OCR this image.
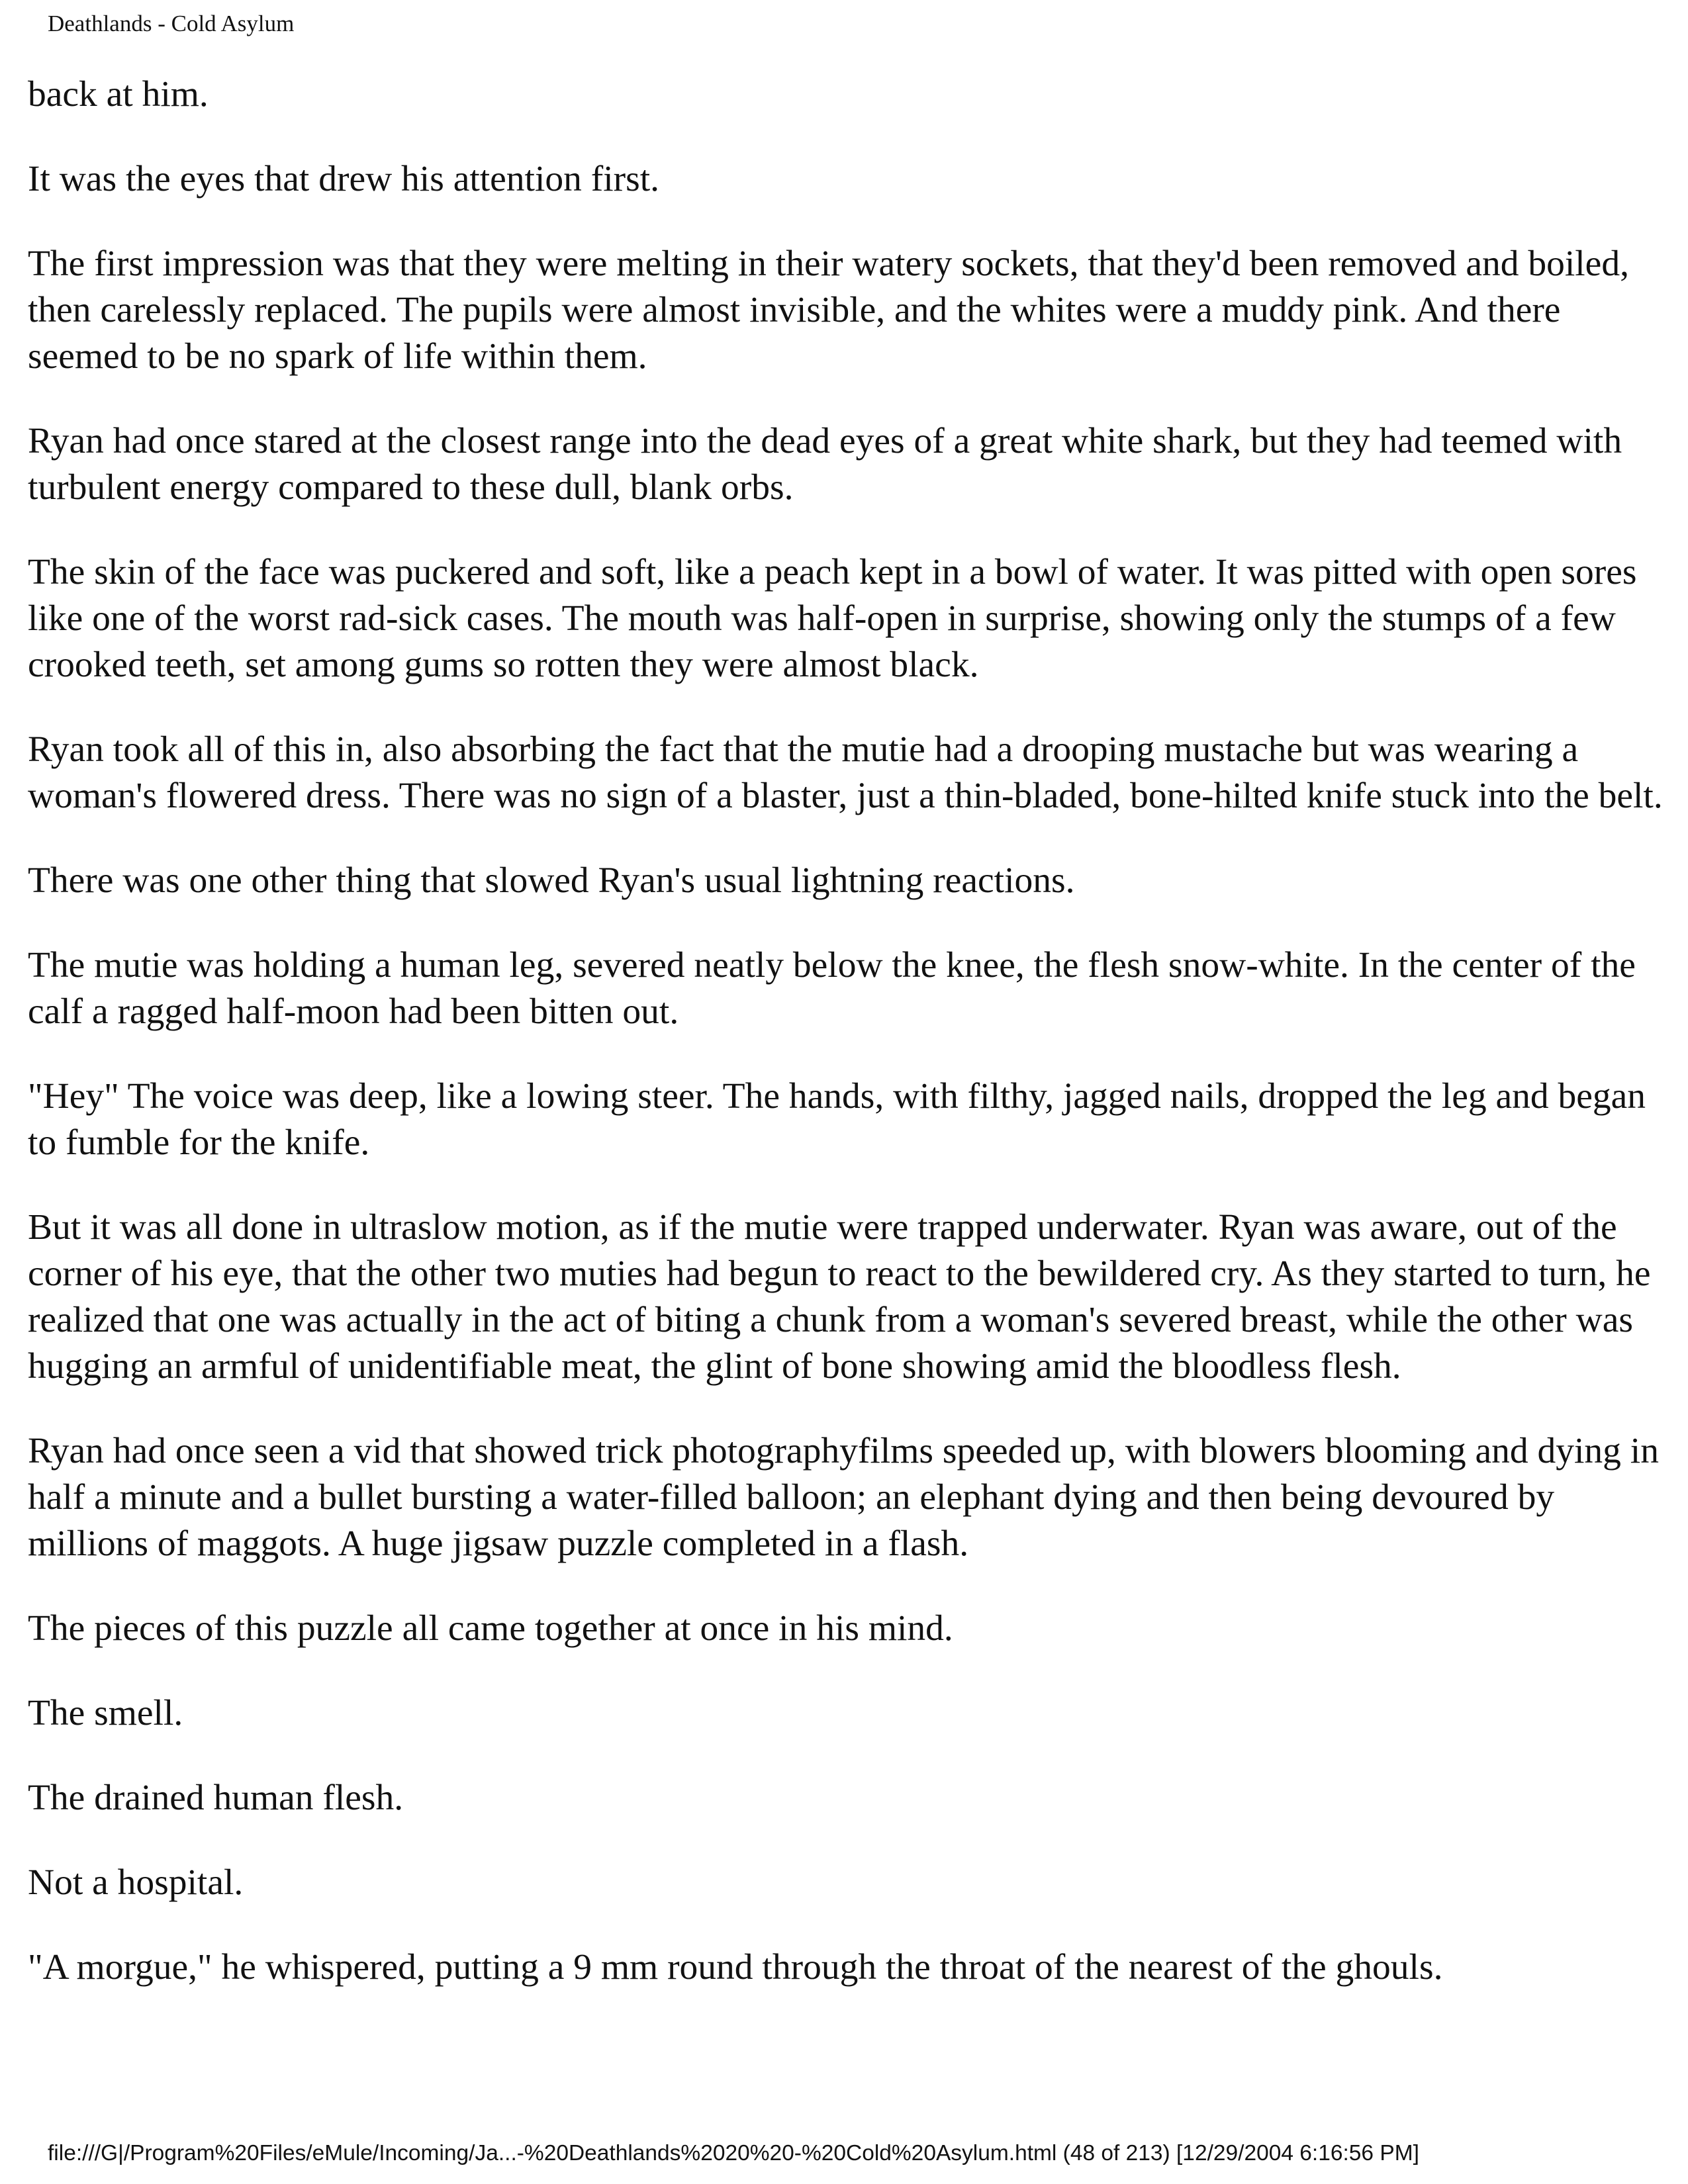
Deathlands - Cold Asylum

back at him.

It was the eyes that drew his attention first.

The first impression was that they were melting in their watery sockets, that they'd been removed and boiled, then carelessly replaced. The pupils were almost invisible, and the whites were a muddy pink. And there seemed to be no spark of life within them.

Ryan had once stared at the closest range into the dead eyes of a great white shark, but they had teemed with turbulent energy compared to these dull, blank orbs.

The skin of the face was puckered and soft, like a peach kept in a bowl of water. It was pitted with open sores like one of the worst rad-sick cases. The mouth was half-open in surprise, showing only the stumps of a few crooked teeth, set among gums so rotten they were almost black.

Ryan took all of this in, also absorbing the fact that the mutie had a drooping mustache but was wearing a woman's flowered dress. There was no sign of a blaster, just a thin-bladed, bone-hilted knife stuck into the belt.

There was one other thing that slowed Ryan's usual lightning reactions.

The mutie was holding a human leg, severed neatly below the knee, the flesh snow-white. In the center of the calf a ragged half-moon had been bitten out.

"Hey" The voice was deep, like a lowing steer. The hands, with filthy, jagged nails, dropped the leg and began to fumble for the knife.

But it was all done in ultraslow motion, as if the mutie were trapped underwater. Ryan was aware, out of the corner of his eye, that the other two muties had begun to react to the bewildered cry. As they started to turn, he realized that one was actually in the act of biting a chunk from a woman's severed breast, while the other was hugging an armful of unidentifiable meat, the glint of bone showing amid the bloodless flesh.

Ryan had once seen a vid that showed trick photographyfilms speeded up, with blowers blooming and dying in half a minute and a bullet bursting a water-filled balloon; an elephant dying and then being devoured by millions of maggots. A huge jigsaw puzzle completed in a flash.

The pieces of this puzzle all came together at once in his mind.

The smell.

The drained human flesh.

Not a hospital.

"A morgue," he whispered, putting a 9 mm round through the throat of the nearest of the ghouls.

file:///G|/Program%20Files/eMule/Incoming/Ja...-%20Deathlands%2020%20-%20Cold%20Asylum.html (48 of 213) [12/29/2004 6:16:56 PM]
